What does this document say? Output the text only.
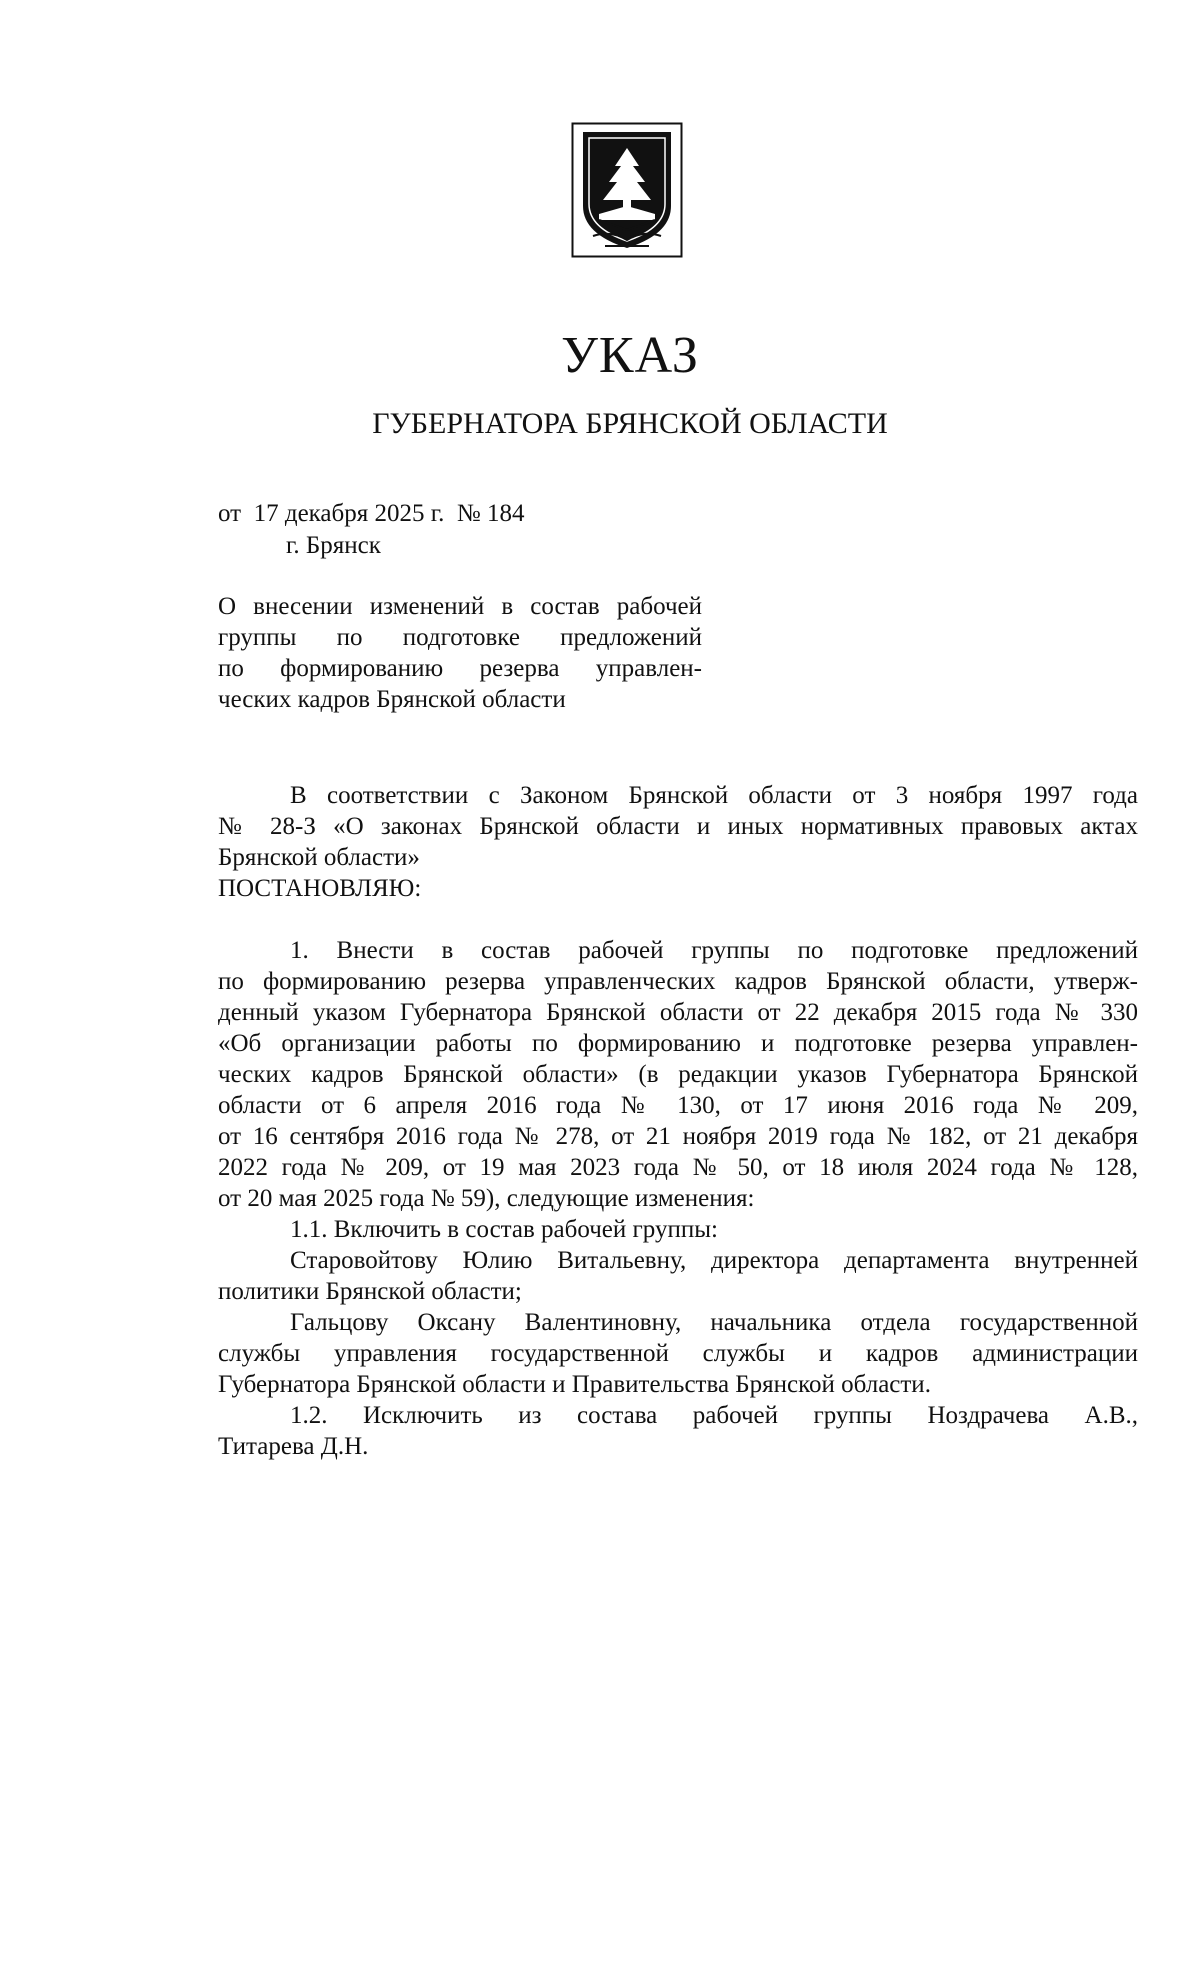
УКАЗ
ГУБЕРНАТОРА БРЯНСКОЙ ОБЛАСТИ
от  17 декабря 2025 г.  № 184
г. Брянск
О внесении изменений в состав рабочей
группы по подготовке предложений
по формированию резерва управлен-
ческих кадров Брянской области
В соответствии с Законом Брянской области от 3 ноября 1997 года
№ 28-З «О законах Брянской области и иных нормативных правовых актах
Брянской области»
ПОСТАНОВЛЯЮ:
1. Внести в состав рабочей группы по подготовке предложений
по формированию резерва управленческих кадров Брянской области, утверж-
денный указом Губернатора Брянской области от 22 декабря 2015 года № 330
«Об организации работы по формированию и подготовке резерва управлен-
ческих кадров Брянской области» (в редакции указов Губернатора Брянской
области от 6 апреля 2016 года № 130, от 17 июня 2016 года № 209,
от 16 сентября 2016 года № 278, от 21 ноября 2019 года № 182, от 21 декабря
2022 года № 209, от 19 мая 2023 года № 50, от 18 июля 2024 года № 128,
от 20 мая 2025 года № 59), следующие изменения:
1.1. Включить в состав рабочей группы:
Старовойтову Юлию Витальевну, директора департамента внутренней
политики Брянской области;
Гальцову Оксану Валентиновну, начальника отдела государственной
службы управления государственной службы и кадров администрации
Губернатора Брянской области и Правительства Брянской области.
1.2. Исключить из состава рабочей группы Ноздрачева А.В.,
Титарева Д.Н.
